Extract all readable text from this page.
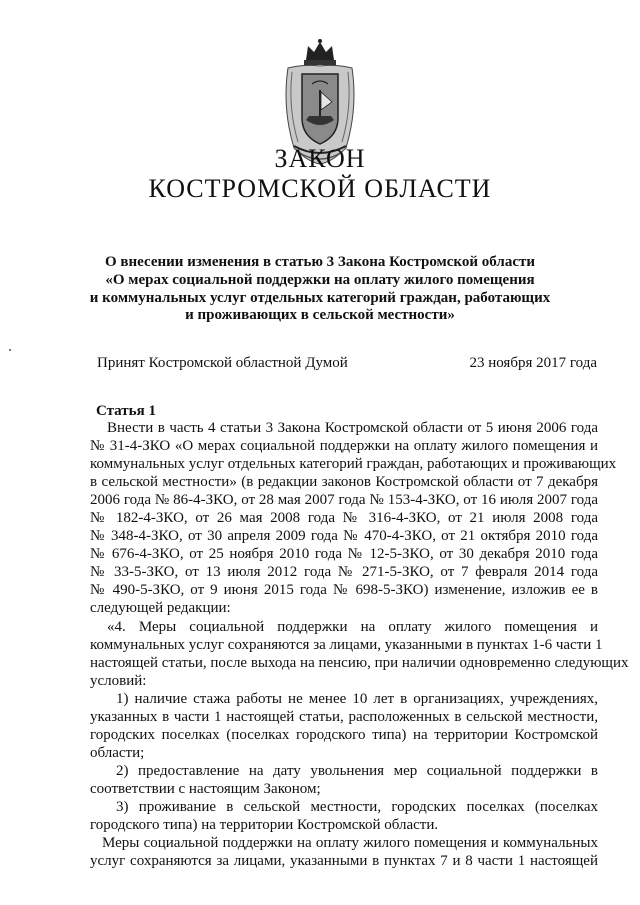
ЗАКОН
КОСТРОМСКОЙ ОБЛАСТИ
О внесении изменения в статью 3 Закона Костромской области
«О мерах социальной поддержки на оплату жилого помещения
и коммунальных услуг отдельных категорий граждан, работающих
и проживающих в сельской местности»
Принят Костромской областной Думой	23 ноября 2017 года
Статья 1
Внести в часть 4 статьи 3 Закона Костромской области от 5 июня 2006 года
№ 31-4-ЗКО «О мерах социальной поддержки на оплату жилого помещения и
коммунальных услуг отдельных категорий граждан, работающих и проживающих
в сельской местности» (в редакции законов Костромской области от 7 декабря
2006 года № 86-4-ЗКО, от 28 мая 2007 года № 153-4-ЗКО, от 16 июля 2007 года
№ 182-4-ЗКО, от 26 мая 2008 года № 316-4-ЗКО, от 21 июля 2008 года
№ 348-4-ЗКО, от 30 апреля 2009 года № 470-4-ЗКО, от 21 октября 2010 года
№ 676-4-ЗКО, от 25 ноября 2010 года № 12-5-ЗКО, от 30 декабря 2010 года
№ 33-5-ЗКО, от 13 июля 2012 года № 271-5-ЗКО, от 7 февраля 2014 года
№ 490-5-ЗКО, от 9 июня 2015 года № 698-5-ЗКО) изменение, изложив ее в
следующей редакции:
«4. Меры социальной поддержки на оплату жилого помещения и
коммунальных услуг сохраняются за лицами, указанными в пунктах 1-6 части 1
настоящей статьи, после выхода на пенсию, при наличии одновременно следующих
условий:
1) наличие стажа работы не менее 10 лет в организациях, учреждениях,
указанных в части 1 настоящей статьи, расположенных в сельской местности,
городских поселках (поселках городского типа) на территории Костромской
области;
2) предоставление на дату увольнения мер социальной поддержки в
соответствии с настоящим Законом;
3) проживание в сельской местности, городских поселках (поселках
городского типа) на территории Костромской области.
Меры социальной поддержки на оплату жилого помещения и коммунальных
услуг сохраняются за лицами, указанными в пунктах 7 и 8 части 1 настоящей
